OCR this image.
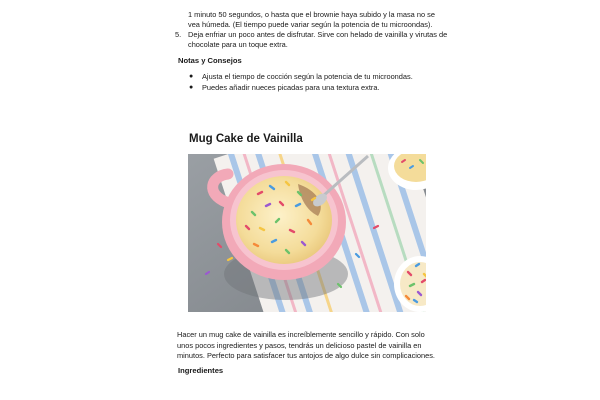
1 minuto 50 segundos, o hasta que el brownie haya subido y la masa no se vea húmeda. (El tiempo puede variar según la potencia de tu microondas).
5. Deja enfriar un poco antes de disfrutar. Sirve con helado de vainilla y virutas de chocolate para un toque extra.
Notas y Consejos
● Ajusta el tiempo de cocción según la potencia de tu microondas.
● Puedes añadir nueces picadas para una textura extra.
Mug Cake de Vainilla

Hacer un mug cake de vainilla es increíblemente sencillo y rápido. Con solo unos pocos ingredientes y pasos, tendrás un delicioso pastel de vainilla en minutos. Perfecto para satisfacer tus antojos de algo dulce sin complicaciones.

Ingredientes
